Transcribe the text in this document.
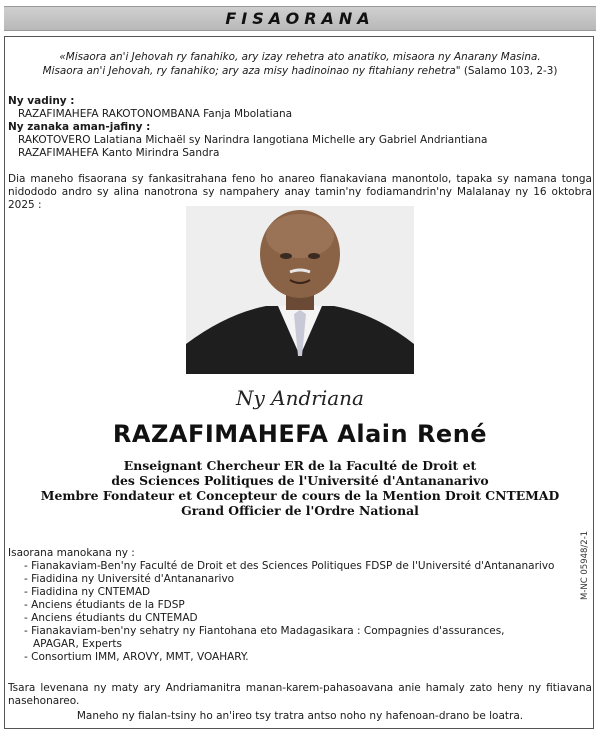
FISAORANA
«Misaora an'i Jehovah ry fanahiko, ary izay rehetra ato anatiko, misaora ny Anarany Masina.
Misaora an'i Jehovah, ry fanahiko; ary aza misy hadinoinao ny fitahiany rehetra" (Salamo 103, 2-3)
Ny vadiny :
RAZAFIMAHEFA RAKOTONOMBANA Fanja Mbolatiana
Ny zanaka aman-jafiny :
RAKOTOVERO Lalatiana Michaël sy Narindra Iangotiana Michelle ary Gabriel Andriantiana
RAZAFIMAHEFA Kanto Mirindra Sandra
Dia maneho fisaorana sy fankasitrahana feno ho anareo fianakaviana manontolo, tapaka sy namana tonga nidododo andro sy alina nanotrona sy nampahery anay tamin'ny fodiamandrin'ny Malalanay ny 16 oktobra 2025 :
Ny Andriana
RAZAFIMAHEFA Alain René
Enseignant Chercheur ER de la Faculté de Droit et
des Sciences Politiques de l'Université d'Antananarivo
Membre Fondateur et Concepteur de cours de la Mention Droit CNTEMAD
Grand Officier de l'Ordre National
Isaorana manokana ny :
- Fianakaviam-Ben'ny Faculté de Droit et des Sciences Politiques FDSP de l'Université d'Antananarivo
- Fiadidina ny Université d'Antananarivo
- Fiadidina ny CNTEMAD
- Anciens étudiants de la FDSP
- Anciens étudiants du CNTEMAD
- Fianakaviam-ben'ny sehatry ny Fiantohana eto Madagasikara : Compagnies d'assurances,
APAGAR, Experts
- Consortium IMM, AROVY, MMT, VOAHARY.
Tsara levenana ny maty ary Andriamanitra manan-karem-pahasoavana anie hamaly zato heny ny fitiavana nasehonareo.
Maneho ny fialan-tsiny ho an'ireo tsy tratra antso noho ny hafenoan-drano be loatra.
M-NC 05948/2-1
